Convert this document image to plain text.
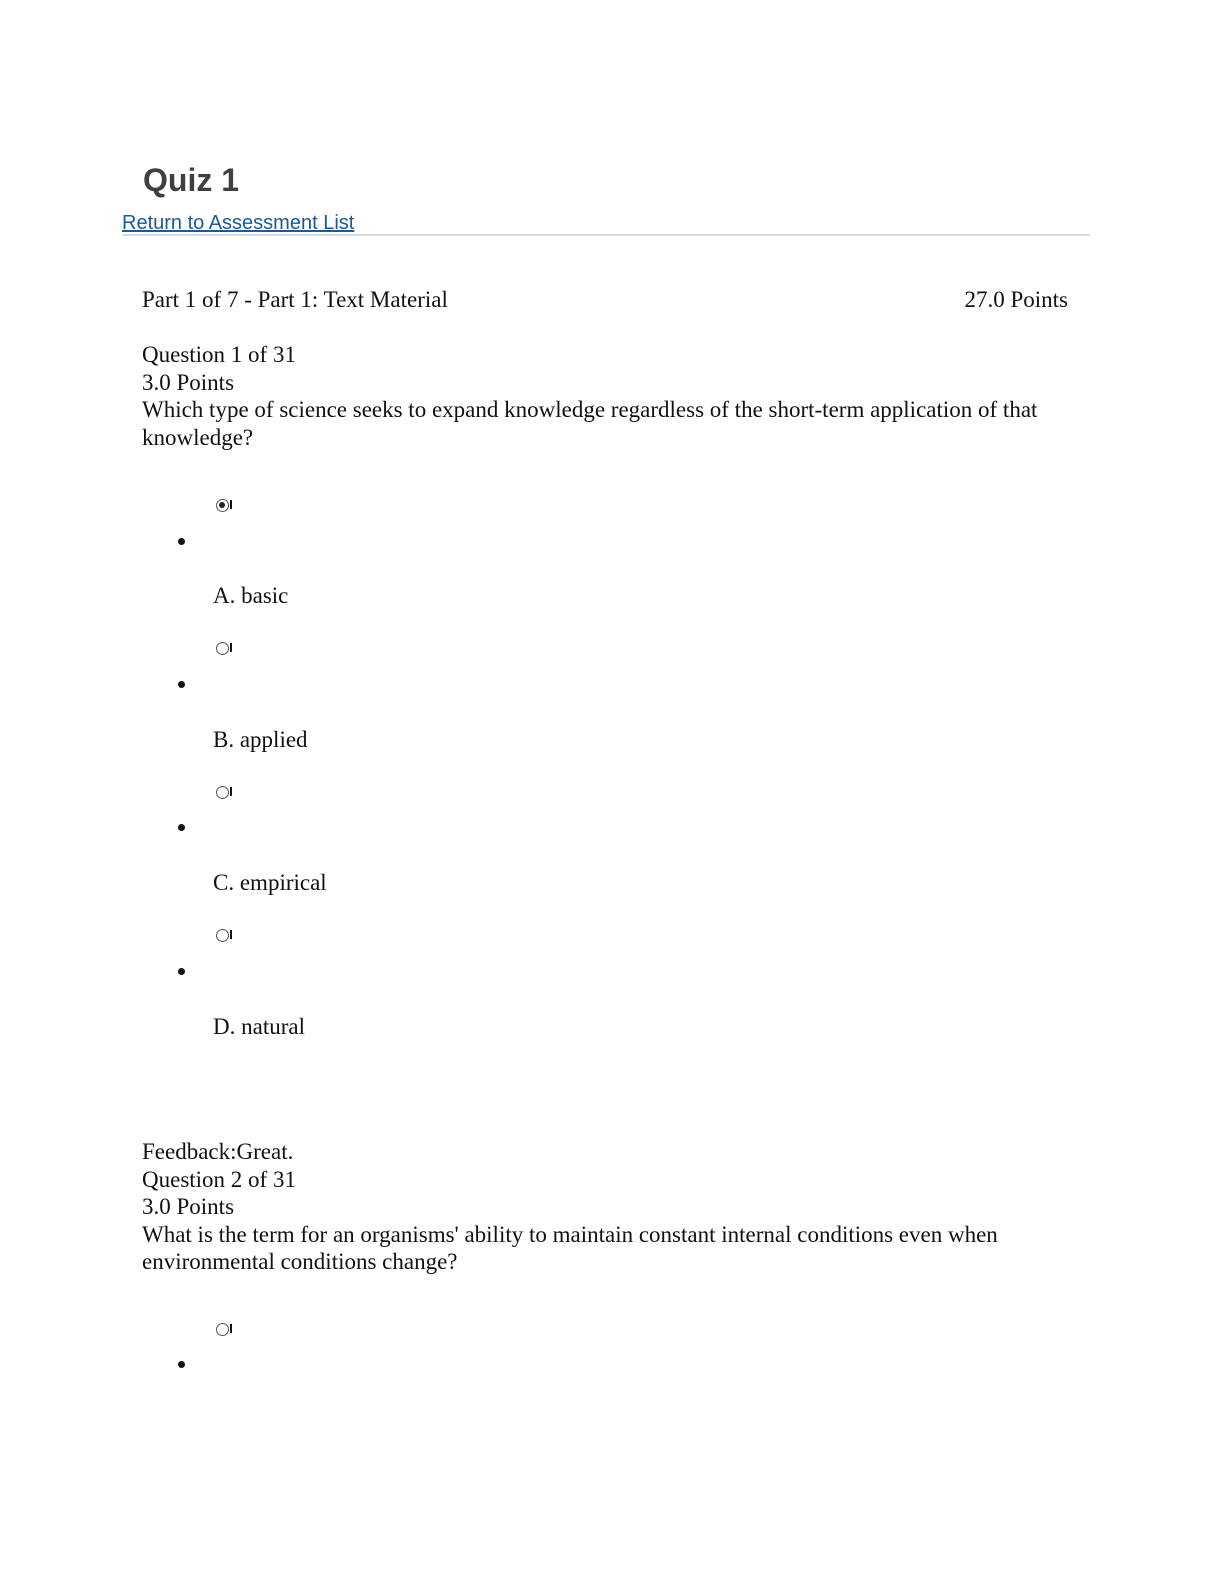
Quiz 1
Return to Assessment List
Part 1 of 7 - Part 1: Text Material	27.0 Points
Question 1 of 31
3.0 Points
Which type of science seeks to expand knowledge regardless of the short-term application of that knowledge?
A. basic
B. applied
C. empirical
D. natural
Feedback:Great.
Question 2 of 31
3.0 Points
What is the term for an organisms' ability to maintain constant internal conditions even when environmental conditions change?
